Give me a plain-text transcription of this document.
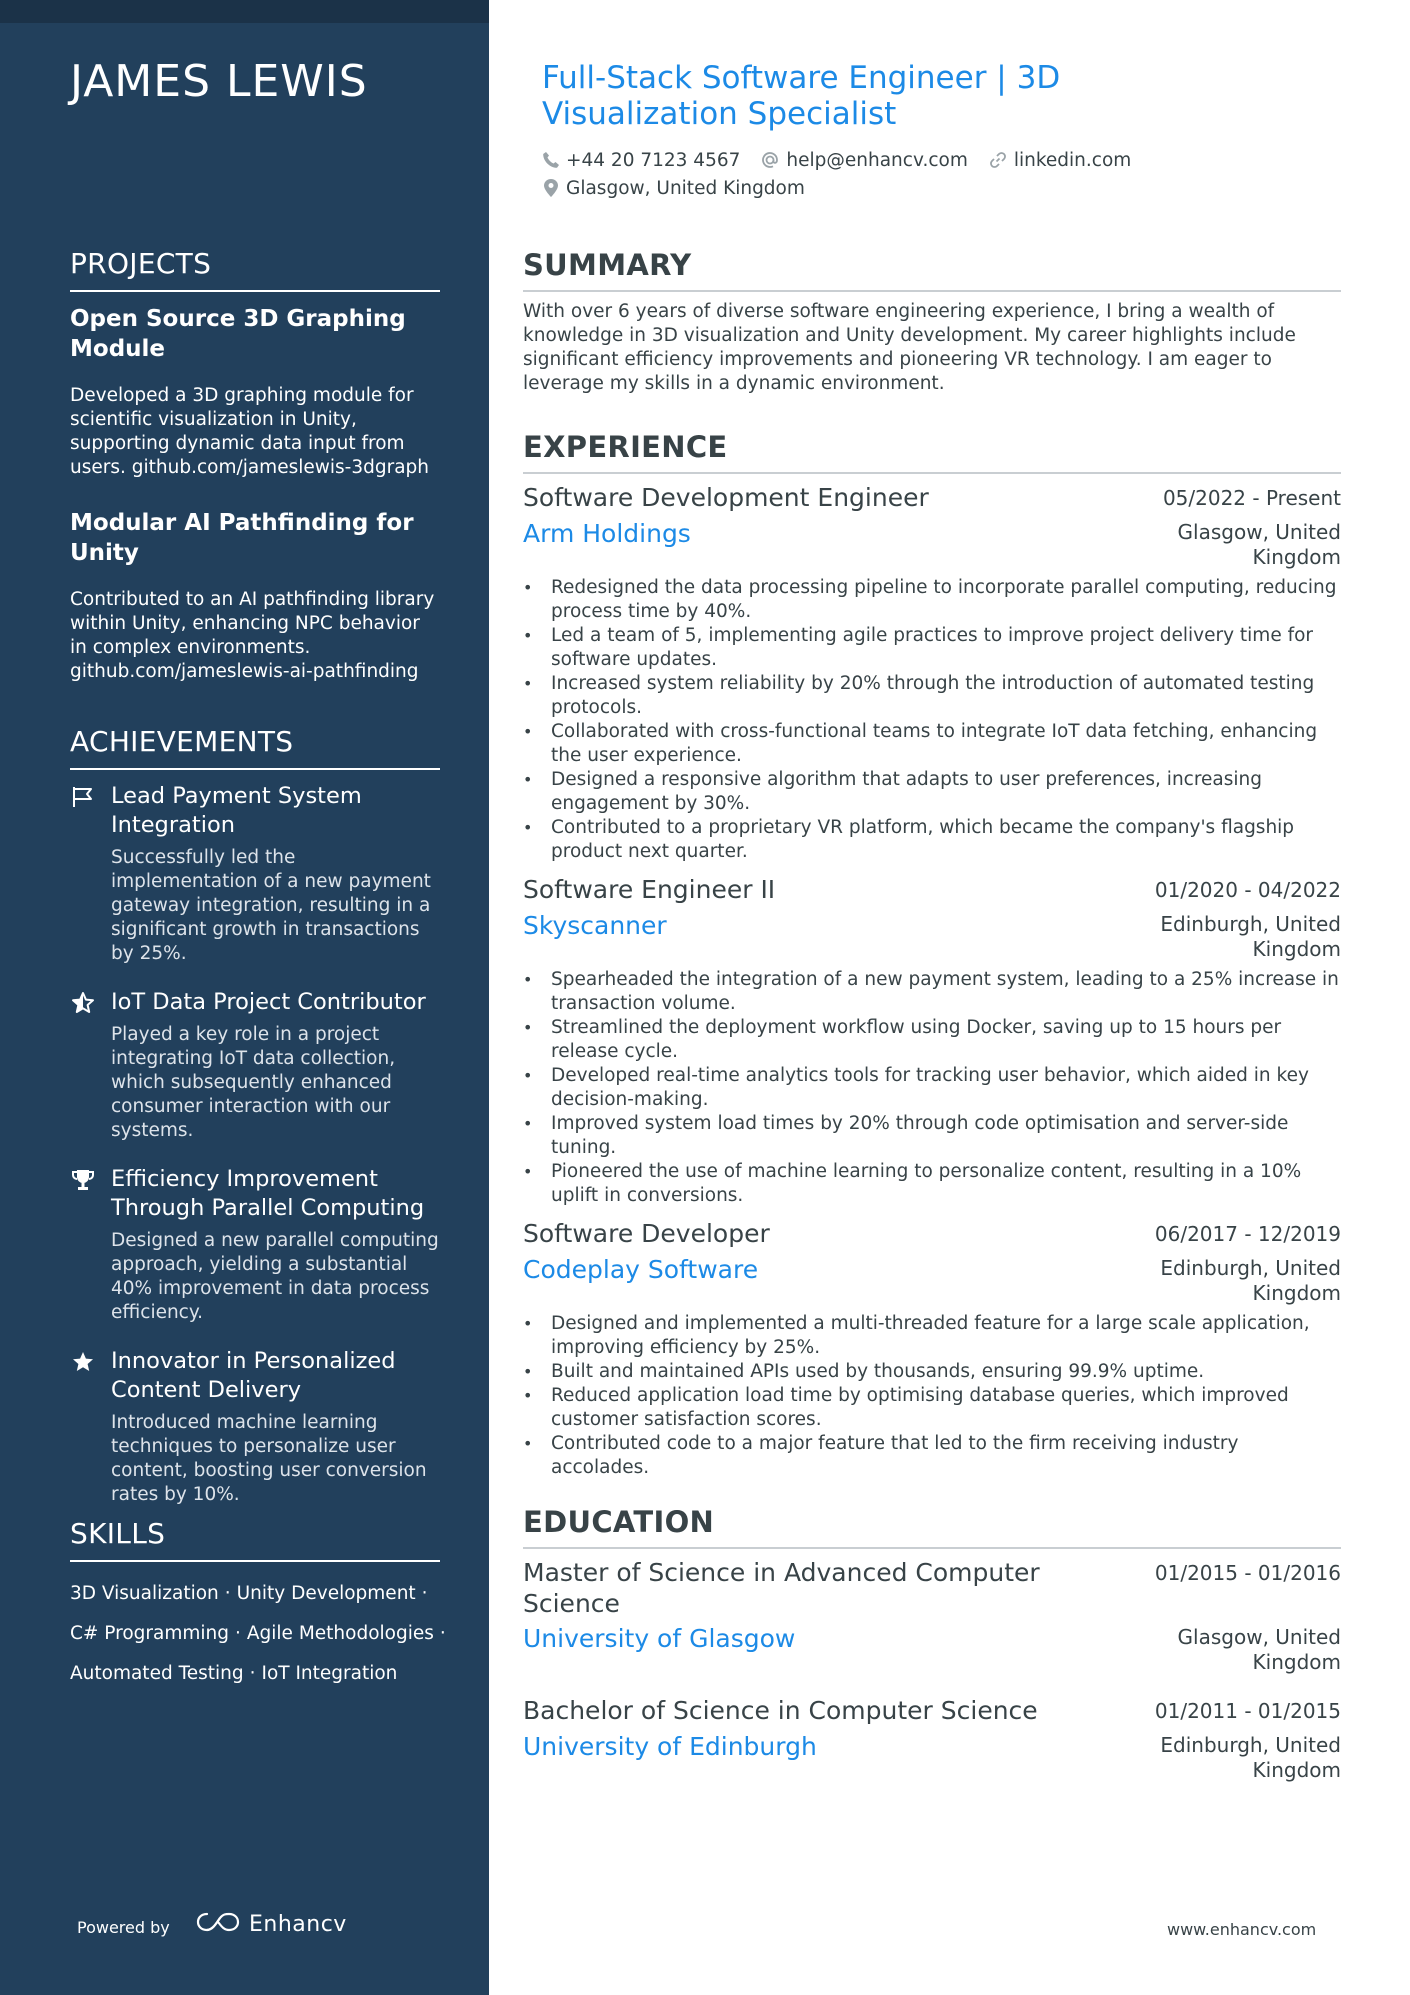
JAMES LEWIS
PROJECTS
Open Source 3D Graphing Module
Developed a 3D graphing module for scientific visualization in Unity, supporting dynamic data input from users. github.com/jameslewis-3dgraph
Modular AI Pathfinding for Unity
Contributed to an AI pathfinding library within Unity, enhancing NPC behavior in complex environments. github.com/jameslewis-ai-pathfinding
ACHIEVEMENTS
Lead Payment System Integration
Successfully led the implementation of a new payment gateway integration, resulting in a significant growth in transactions by 25%.
IoT Data Project Contributor
Played a key role in a project integrating IoT data collection, which subsequently enhanced consumer interaction with our systems.
Efficiency Improvement Through Parallel Computing
Designed a new parallel computing approach, yielding a substantial 40% improvement in data process efficiency.
Innovator in Personalized Content Delivery
Introduced machine learning techniques to personalize user content, boosting user conversion rates by 10%.
SKILLS
3D Visualization · Unity Development ·
C# Programming · Agile Methodologies ·
Automated Testing · IoT Integration
Powered by	Enhancv
Full-Stack Software Engineer | 3D Visualization Specialist
+44 20 7123 4567 help@enhancv.com linkedin.com
Glasgow, United Kingdom
SUMMARY

With over 6 years of diverse software engineering experience, I bring a wealth of knowledge in 3D visualization and Unity development. My career highlights include significant efficiency improvements and pioneering VR technology. I am eager to leverage my skills in a dynamic environment.

EXPERIENCE
Software Development Engineer	05/2022 - Present
Arm Holdings	Glasgow, United Kingdom
• Redesigned the data processing pipeline to incorporate parallel computing, reducing process time by 40%.
• Led a team of 5, implementing agile practices to improve project delivery time for software updates.
• Increased system reliability by 20% through the introduction of automated testing protocols.
• Collaborated with cross-functional teams to integrate IoT data fetching, enhancing the user experience.
• Designed a responsive algorithm that adapts to user preferences, increasing engagement by 30%.
• Contributed to a proprietary VR platform, which became the company's flagship product next quarter.
Software Engineer II	01/2020 - 04/2022
Skyscanner	Edinburgh, United Kingdom
• Spearheaded the integration of a new payment system, leading to a 25% increase in transaction volume.
• Streamlined the deployment workflow using Docker, saving up to 15 hours per release cycle.
• Developed real-time analytics tools for tracking user behavior, which aided in key decision-making.
• Improved system load times by 20% through code optimisation and server-side tuning.
• Pioneered the use of machine learning to personalize content, resulting in a 10% uplift in conversions.
Software Developer	06/2017 - 12/2019
Codeplay Software	Edinburgh, United Kingdom
• Designed and implemented a multi-threaded feature for a large scale application, improving efficiency by 25%.
• Built and maintained APIs used by thousands, ensuring 99.9% uptime.
• Reduced application load time by optimising database queries, which improved customer satisfaction scores.
• Contributed code to a major feature that led to the firm receiving industry accolades.
EDUCATION
Master of Science in Advanced Computer Science
01/2015 - 01/2016
University of Glasgow	Glasgow, United Kingdom
Bachelor of Science in Computer Science	01/2011 - 01/2015
University of Edinburgh	Edinburgh, United Kingdom
www.enhancv.com
